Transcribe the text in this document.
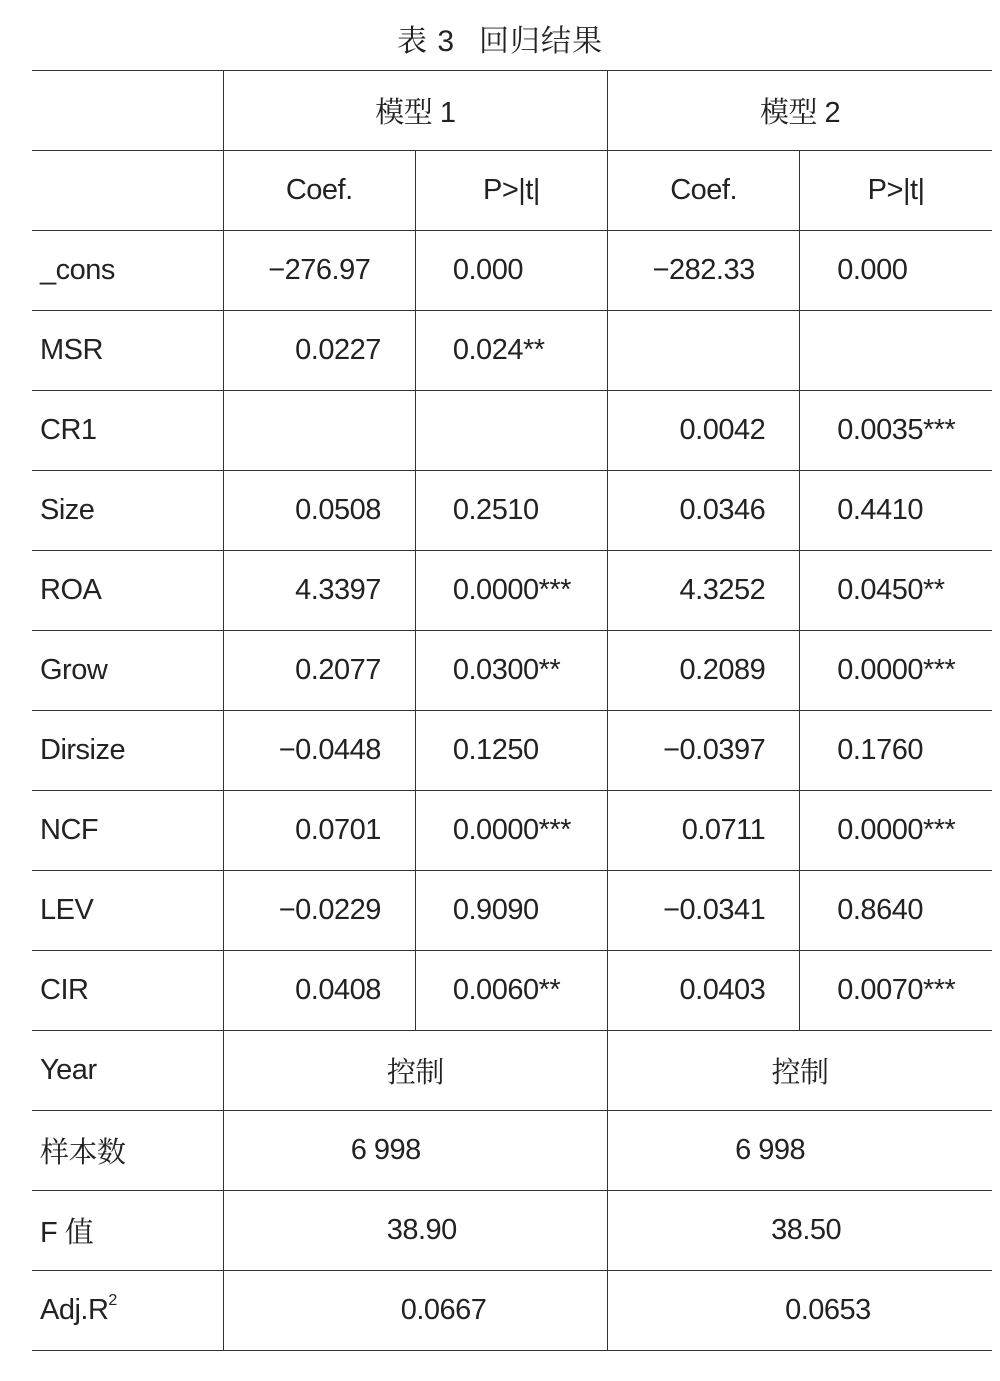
表 3 回归结果
	模型 1		模型 2	
	Coef.	P>|t|	Coef.	P>|t|
_cons	−276.97	0.000	−282.33	0.000
MSR	0.0227	0.024**		
CR1			0.0042	0.0035***
Size	0.0508	0.2510	0.0346	0.4410
ROA	4.3397	0.0000***	4.3252	0.0450**
Grow	0.2077	0.0300**	0.2089	0.0000***
Dirsize	−0.0448	0.1250	−0.0397	0.1760
NCF	0.0701	0.0000***	0.0711	0.0000***
LEV	−0.0229	0.9090	−0.0341	0.8640
CIR	0.0408	0.0060**	0.0403	0.0070***
Year	控制		控制	
样本数	6 998		6 998	
F 值	38.90		38.50	
$Adj.R^2$	0.0667		0.0653	
